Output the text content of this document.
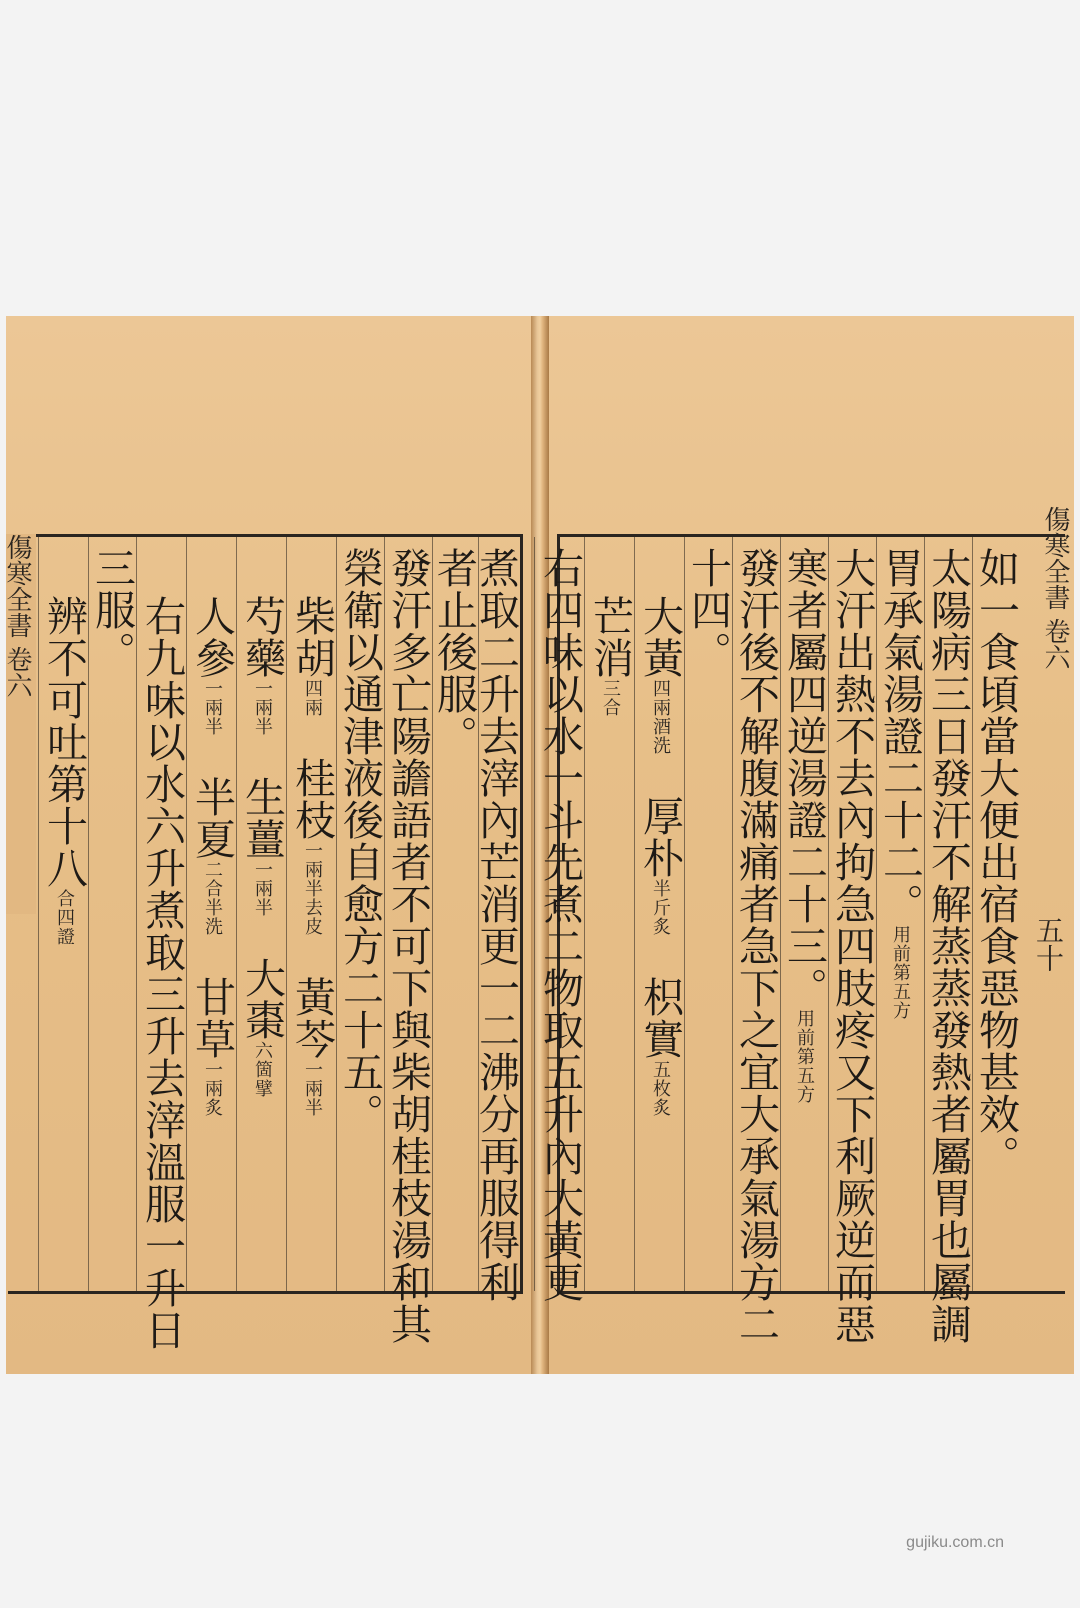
煮取二升去滓內芒消更一二沸分再服得利
者止後服。
發汗多亡陽譫語者不可下與柴胡桂枝湯和其
榮衛以通津液後自愈方二十五。
柴胡四兩桂枝一兩半去皮黃芩一兩半
芍藥一兩半生薑一兩半大棗六箇擘
人參一兩半半夏二合半洗甘草一兩炙
右九味以水六升煮取三升去滓溫服一升日
三服。
辨不可吐第十八合四證
傷寒全書 卷六	如一食頃當大便出宿食惡物甚效。
太陽病三日發汗不解蒸蒸發熱者屬胃也屬調
胃承氣湯證二十二。用前第五方
大汗出熱不去內拘急四肢疼又下利厥逆而惡
寒者屬四逆湯證二十三。用前第五方
發汗後不解腹滿痛者急下之宜大承氣湯方二
十四。
大黃四兩酒洗厚朴半斤炙枳實五枚炙
芒消三合
右四味以水一斗先煮二物取五升內大黃更	傷寒全書 卷六
五十
gujiku.com.cn
